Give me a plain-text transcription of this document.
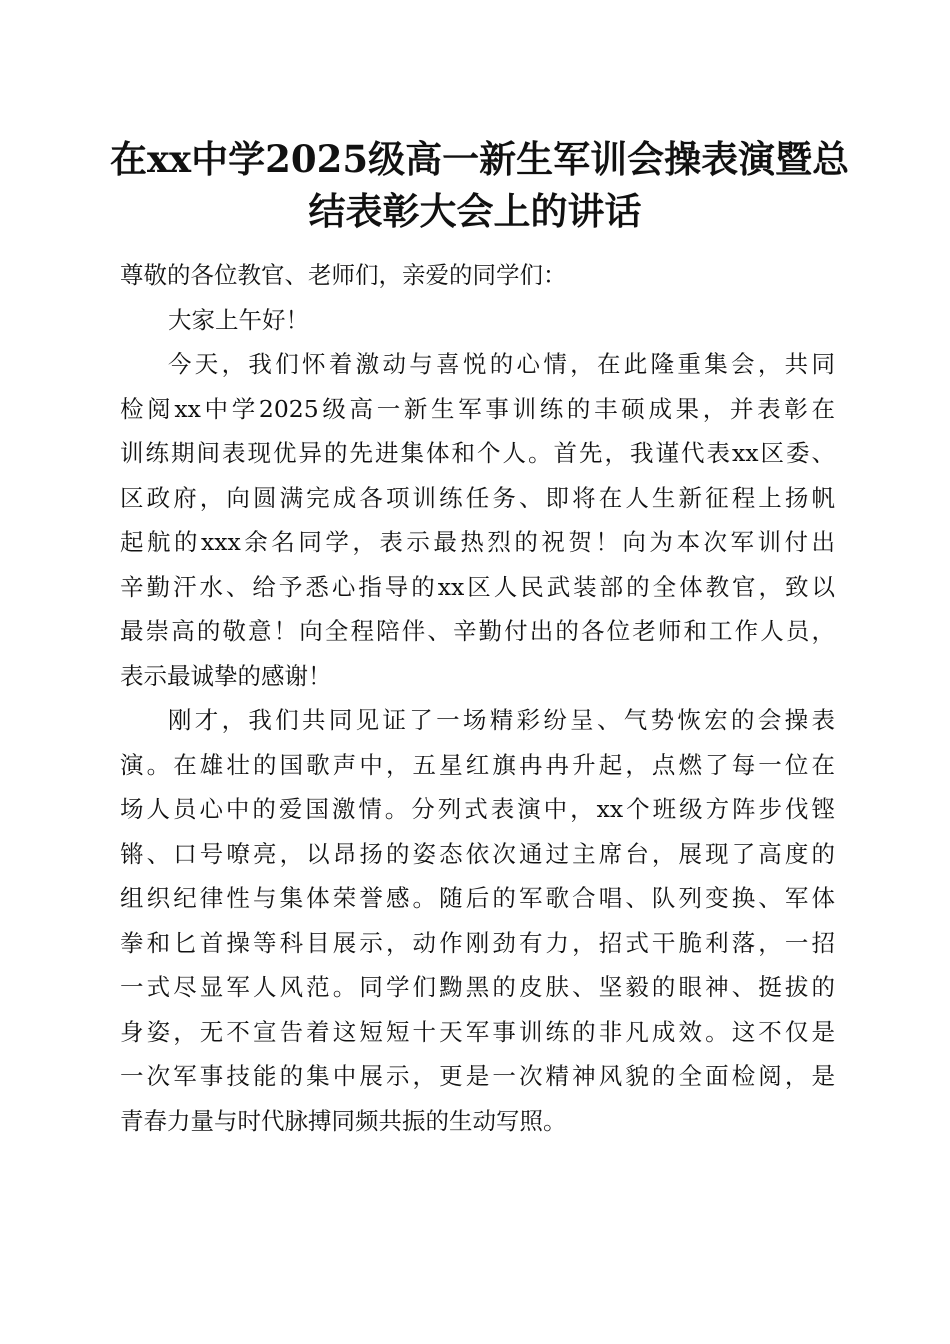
在xx中学2025级高一新生军训会操表演暨总
结表彰大会上的讲话
尊敬的各位教官、老师们，亲爱的同学们：
大家上午好！
今天，我们怀着激动与喜悦的心情，在此隆重集会，共同
检阅xx中学2025级高一新生军事训练的丰硕成果，并表彰在
训练期间表现优异的先进集体和个人。首先，我谨代表xx区委、
区政府，向圆满完成各项训练任务、即将在人生新征程上扬帆
起航的xxx余名同学，表示最热烈的祝贺！向为本次军训付出
辛勤汗水、给予悉心指导的xx区人民武装部的全体教官，致以
最崇高的敬意！向全程陪伴、辛勤付出的各位老师和工作人员，
表示最诚挚的感谢！
刚才，我们共同见证了一场精彩纷呈、气势恢宏的会操表
演。在雄壮的国歌声中，五星红旗冉冉升起，点燃了每一位在
场人员心中的爱国激情。分列式表演中，xx个班级方阵步伐铿
锵、口号嘹亮，以昂扬的姿态依次通过主席台，展现了高度的
组织纪律性与集体荣誉感。随后的军歌合唱、队列变换、军体
拳和匕首操等科目展示，动作刚劲有力，招式干脆利落，一招
一式尽显军人风范。同学们黝黑的皮肤、坚毅的眼神、挺拔的
身姿，无不宣告着这短短十天军事训练的非凡成效。这不仅是
一次军事技能的集中展示，更是一次精神风貌的全面检阅，是
青春力量与时代脉搏同频共振的生动写照。
